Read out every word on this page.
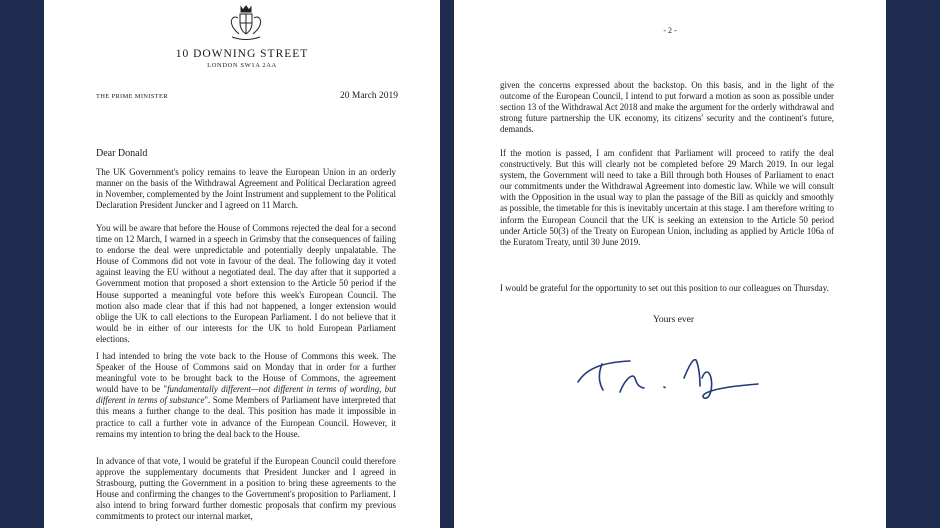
10 DOWNING STREET
LONDON SW1A 2AA
THE PRIME MINISTER	20 March 2019
Dear Donald

The UK Government's policy remains to leave the European Union in an orderly manner on the basis of the Withdrawal Agreement and Political Declaration agreed in November, complemented by the Joint Instrument and supplement to the Political Declaration President Juncker and I agreed on 11 March.

You will be aware that before the House of Commons rejected the deal for a second time on 12 March, I warned in a speech in Grimsby that the consequences of failing to endorse the deal were unpredictable and potentially deeply unpalatable. The House of Commons did not vote in favour of the deal. The following day it voted against leaving the EU without a negotiated deal. The day after that it supported a Government motion that proposed a short extension to the Article 50 period if the House supported a meaningful vote before this week's European Council. The motion also made clear that if this had not happened, a longer extension would oblige the UK to call elections to the European Parliament. I do not believe that it would be in either of our interests for the UK to hold European Parliament elections.

I had intended to bring the vote back to the House of Commons this week. The Speaker of the House of Commons said on Monday that in order for a further meaningful vote to be brought back to the House of Commons, the agreement would have to be "fundamentally different—not different in terms of wording, but different in terms of substance". Some Members of Parliament have interpreted that this means a further change to the deal. This position has made it impossible in practice to call a further vote in advance of the European Council. However, it remains my intention to bring the deal back to the House.

In advance of that vote, I would be grateful if the European Council could therefore approve the supplementary documents that President Juncker and I agreed in Strasbourg, putting the Government in a position to bring these agreements to the House and confirming the changes to the Government's proposition to Parliament. I also intend to bring forward further domestic proposals that confirm my previous commitments to protect our internal market,

- 2 -

given the concerns expressed about the backstop. On this basis, and in the light of the outcome of the European Council, I intend to put forward a motion as soon as possible under section 13 of the Withdrawal Act 2018 and make the argument for the orderly withdrawal and strong future partnership the UK economy, its citizens' security and the continent's future, demands.

If the motion is passed, I am confident that Parliament will proceed to ratify the deal constructively. But this will clearly not be completed before 29 March 2019. In our legal system, the Government will need to take a Bill through both Houses of Parliament to enact our commitments under the Withdrawal Agreement into domestic law. While we will consult with the Opposition in the usual way to plan the passage of the Bill as quickly and smoothly as possible, the timetable for this is inevitably uncertain at this stage. I am therefore writing to inform the European Council that the UK is seeking an extension to the Article 50 period under Article 50(3) of the Treaty on European Union, including as applied by Article 106a of the Euratom Treaty, until 30 June 2019.

I would be grateful for the opportunity to set out this position to our colleagues on Thursday.

Yours ever
